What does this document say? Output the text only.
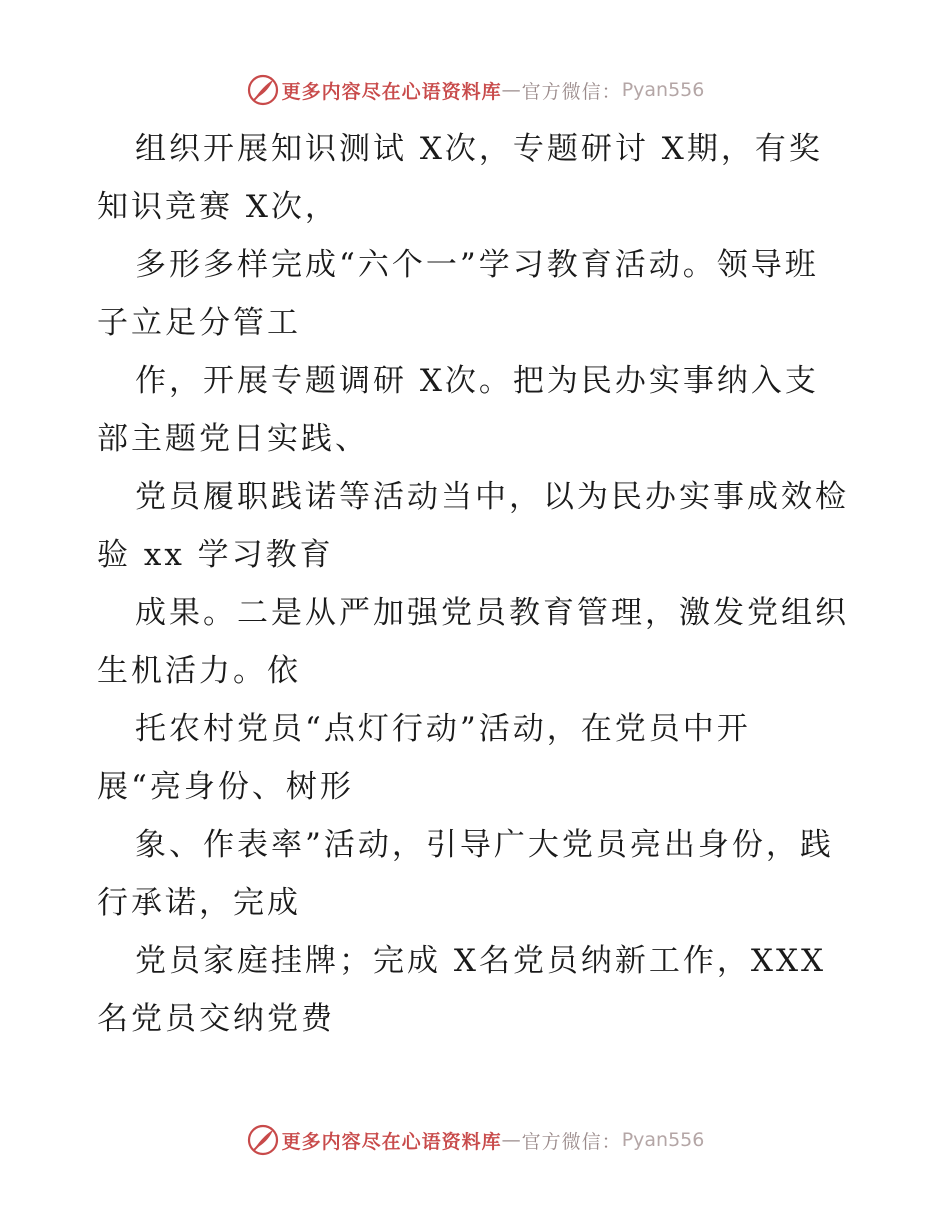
更多内容尽在心语资料库 — 官方微信： Pyan556
组织开展知识测试 X次，专题研讨 X期，有奖
知识竞赛 X次，
多形多样完成“六个一”学习教育活动。领导班
子立足分管工
作，开展专题调研 X次。把为民办实事纳入支
部主题党日实践、
党员履职践诺等活动当中，以为民办实事成效检
验 xx 学习教育
成果。二是从严加强党员教育管理，激发党组织
生机活力。依
托农村党员“点灯行动”活动，在党员中开
展“亮身份、树形
象、作表率”活动，引导广大党员亮出身份，践
行承诺，完成
党员家庭挂牌；完成 X名党员纳新工作，XXX
名党员交纳党费
更多内容尽在心语资料库 — 官方微信： Pyan556
